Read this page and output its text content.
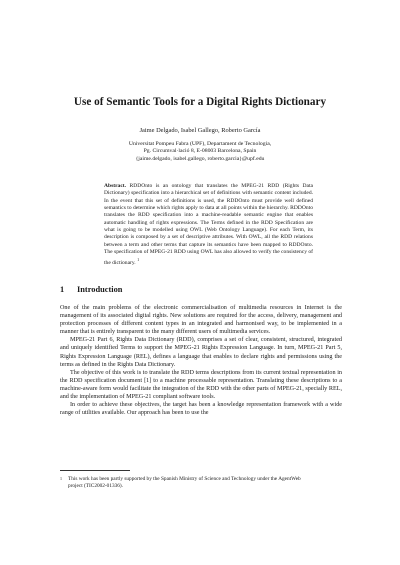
Use of Semantic Tools for a Digital Rights Dictionary
Jaime Delgado, Isabel Gallego, Roberto García
Universitat Pompeu Fabra (UPF), Departament de Tecnologia,
Pg. Circumval·lació 8, E-08003 Barcelona, Spain
{jaime.delgado, isabel.gallego, roberto.garcia}@upf.edu

Abstract. RDDOnto is an ontology that translates the MPEG-21 RDD (Rights Data Dictionary) specification into a hierarchical set of definitions with semantic content included. In the event that this set of definitions is used, the RDDOnto must provide well defined semantics to determine which rights apply to data at all points within the hierarchy. RDDOnto translates the RDD specification into a machine-readable semantic engine that enables automatic handling of rights expressions. The Terms defined in the RDD Specification are what is going to be modelled using OWL (Web Ontology Language). For each Term, its description is composed by a set of descriptive attributes. With OWL, all the RDD relations between a term and other terms that capture its semantics have been mapped to RDDOnto. The specification of MPEG-21 RDD using OWL has also allowed to verify the consistency of the dictionary. $^1$

1 Introduction

One of the main problems of the electronic commercialisation of multimedia resources in Internet is the management of its associated digital rights. New solutions are required for the access, delivery, management and protection processes of different content types in an integrated and harmonised way, to be implemented in a manner that is entirely transparent to the many different users of multimedia services.

MPEG-21 Part 6, Rights Data Dictionary (RDD), comprises a set of clear, consistent, structured, integrated and uniquely identified Terms to support the MPEG-21 Rights Expression Language. In turn, MPEG-21 Part 5, Rights Expression Language (REL), defines a language that enables to declare rights and permissions using the terms as defined in the Rights Data Dictionary.

The objective of this work is to translate the RDD terms descriptions from its current textual representation in the RDD specification document [1] to a machine processable representation. Translating these descriptions to a machine-aware form would facilitate the integration of the RDD with the other parts of MPEG-21, specially REL, and the implementation of MPEG-21 compliant software tools.

In order to achieve these objectives, the target has been a knowledge representation framework with a wide range of utilities available. Our approach has been to use the

1	This work has been partly supported by the Spanish Ministry of Science and Technology under the AgentWeb project (TIC2002-01336).
